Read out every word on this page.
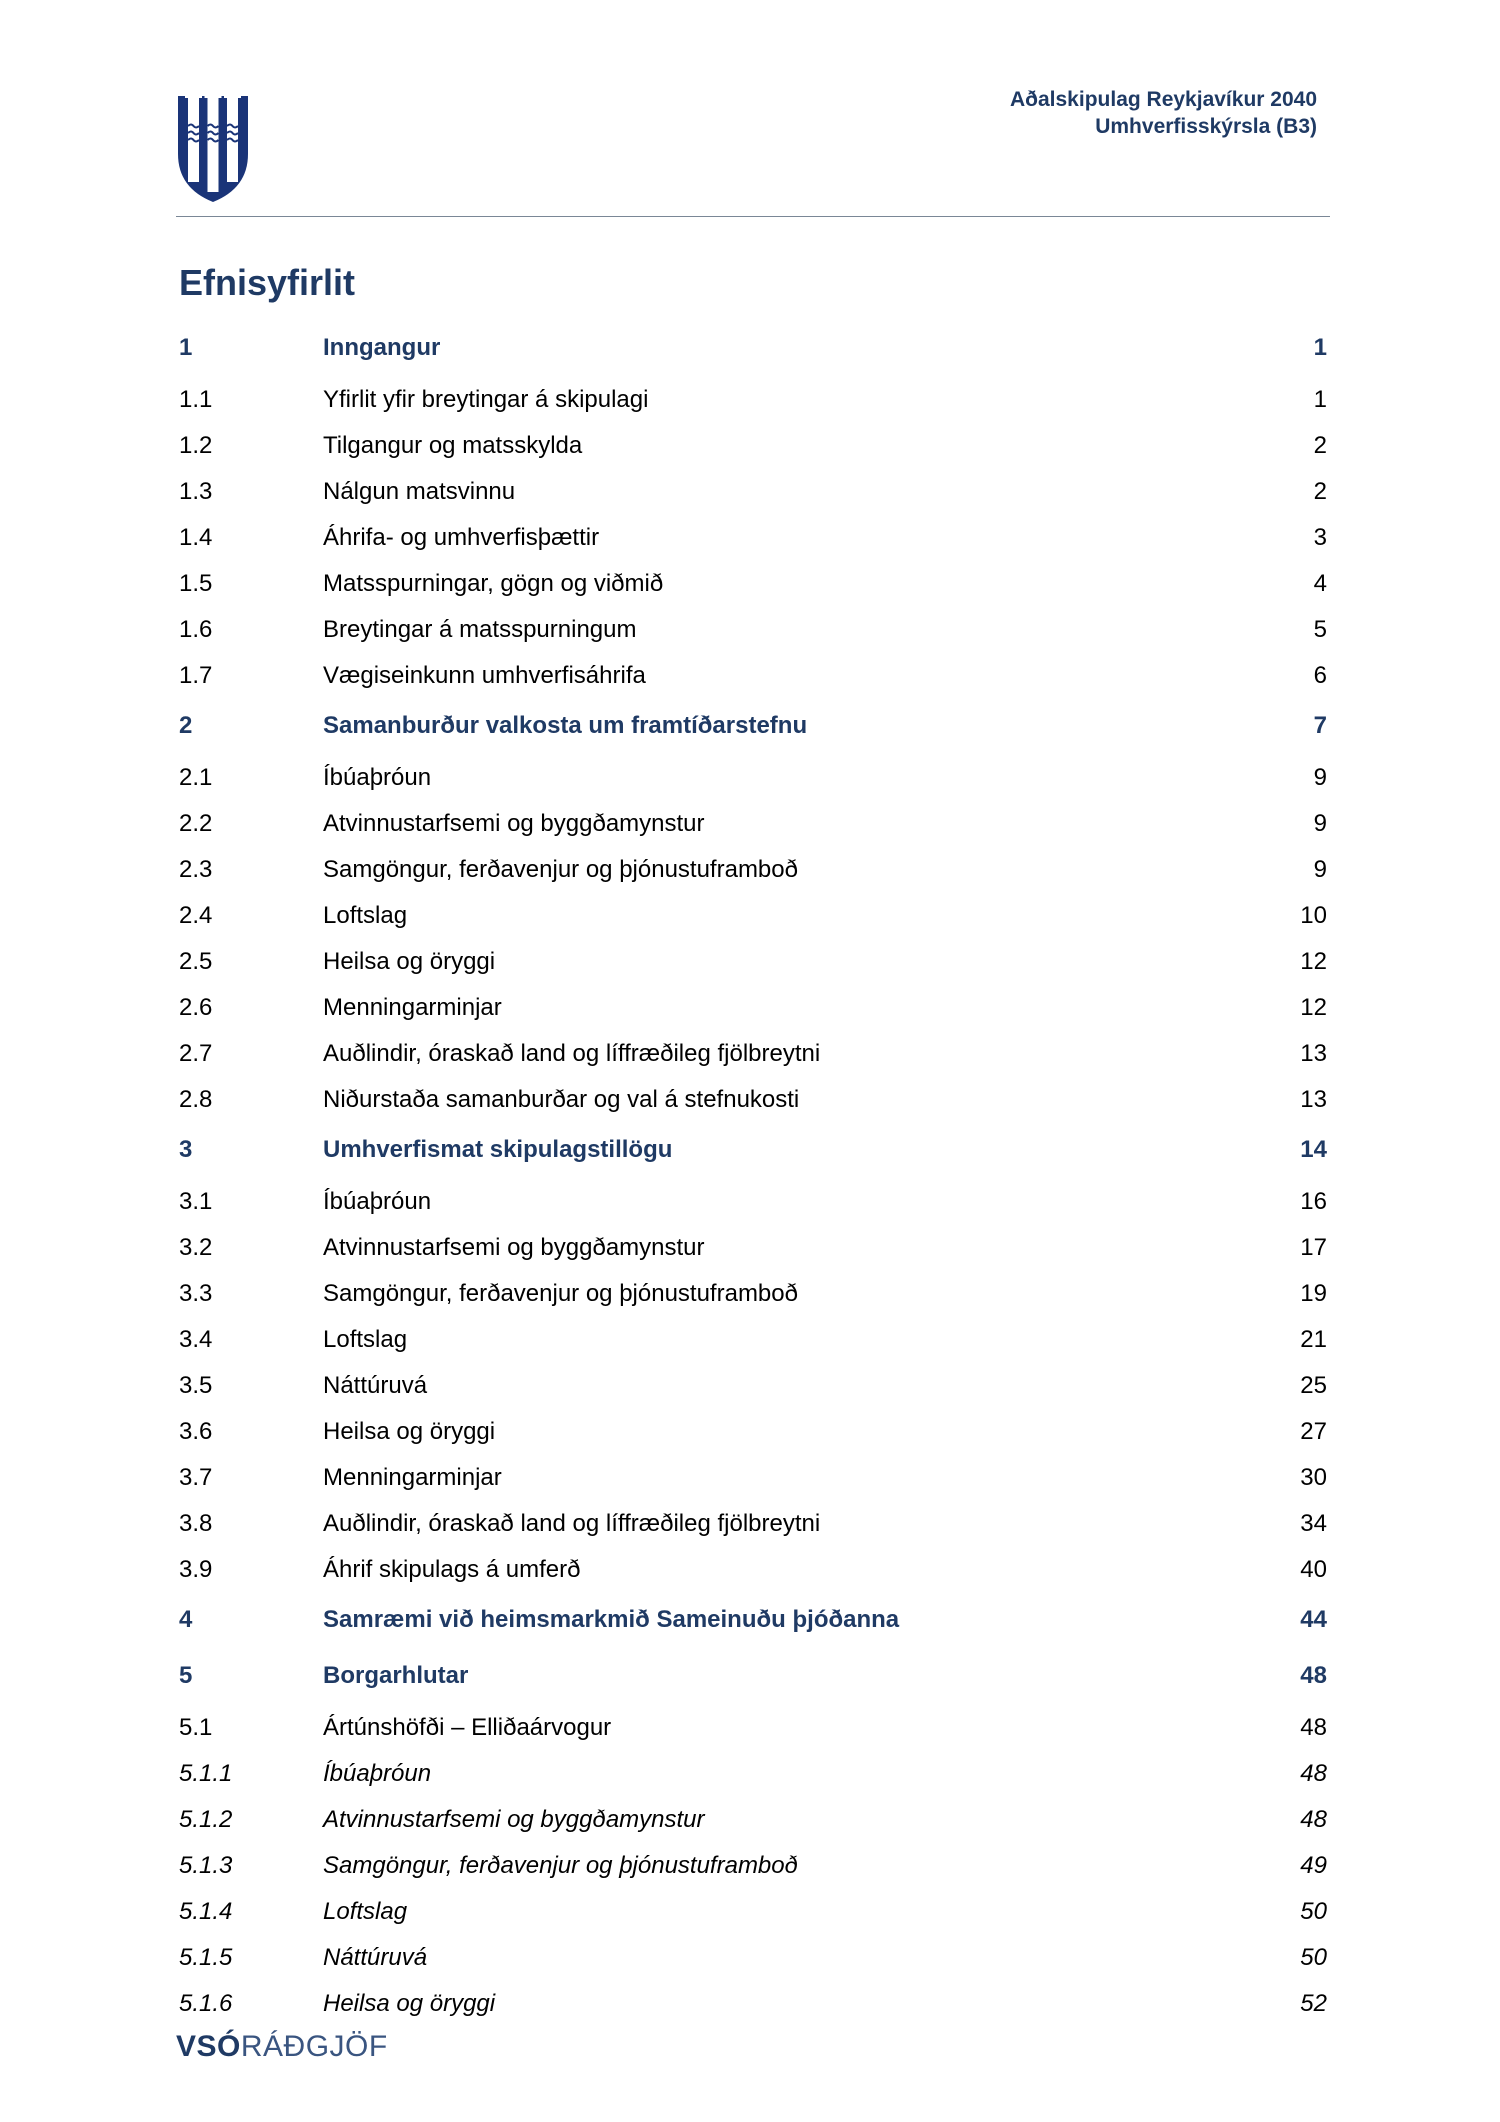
Aðalskipulag Reykjavíkur 2040
Umhverfisskýrsla (B3)
Efnisyfirlit
1	Inngangur	1
1.1	Yfirlit yfir breytingar á skipulagi	1
1.2	Tilgangur og matsskylda	2
1.3	Nálgun matsvinnu	2
1.4	Áhrifa- og umhverfisþættir	3
1.5	Matsspurningar, gögn og viðmið	4
1.6	Breytingar á matsspurningum	5
1.7	Vægiseinkunn umhverfisáhrifa	6
2	Samanburður valkosta um framtíðarstefnu	7
2.1	Íbúaþróun	9
2.2	Atvinnustarfsemi og byggðamynstur	9
2.3	Samgöngur, ferðavenjur og þjónustuframboð	9
2.4	Loftslag	10
2.5	Heilsa og öryggi	12
2.6	Menningarminjar	12
2.7	Auðlindir, óraskað land og líffræðileg fjölbreytni	13
2.8	Niðurstaða samanburðar og val á stefnukosti	13
3	Umhverfismat skipulagstillögu	14
3.1	Íbúaþróun	16
3.2	Atvinnustarfsemi og byggðamynstur	17
3.3	Samgöngur, ferðavenjur og þjónustuframboð	19
3.4	Loftslag	21
3.5	Náttúruvá	25
3.6	Heilsa og öryggi	27
3.7	Menningarminjar	30
3.8	Auðlindir, óraskað land og líffræðileg fjölbreytni	34
3.9	Áhrif skipulags á umferð	40
4	Samræmi við heimsmarkmið Sameinuðu þjóðanna	44
5	Borgarhlutar	48
5.1	Ártúnshöfði – Elliðaárvogur	48
5.1.1	Íbúaþróun	48
5.1.2	Atvinnustarfsemi og byggðamynstur	48
5.1.3	Samgöngur, ferðavenjur og þjónustuframboð	49
5.1.4	Loftslag	50
5.1.5	Náttúruvá	50
5.1.6	Heilsa og öryggi	52
VSÓRÁÐGJÖF
